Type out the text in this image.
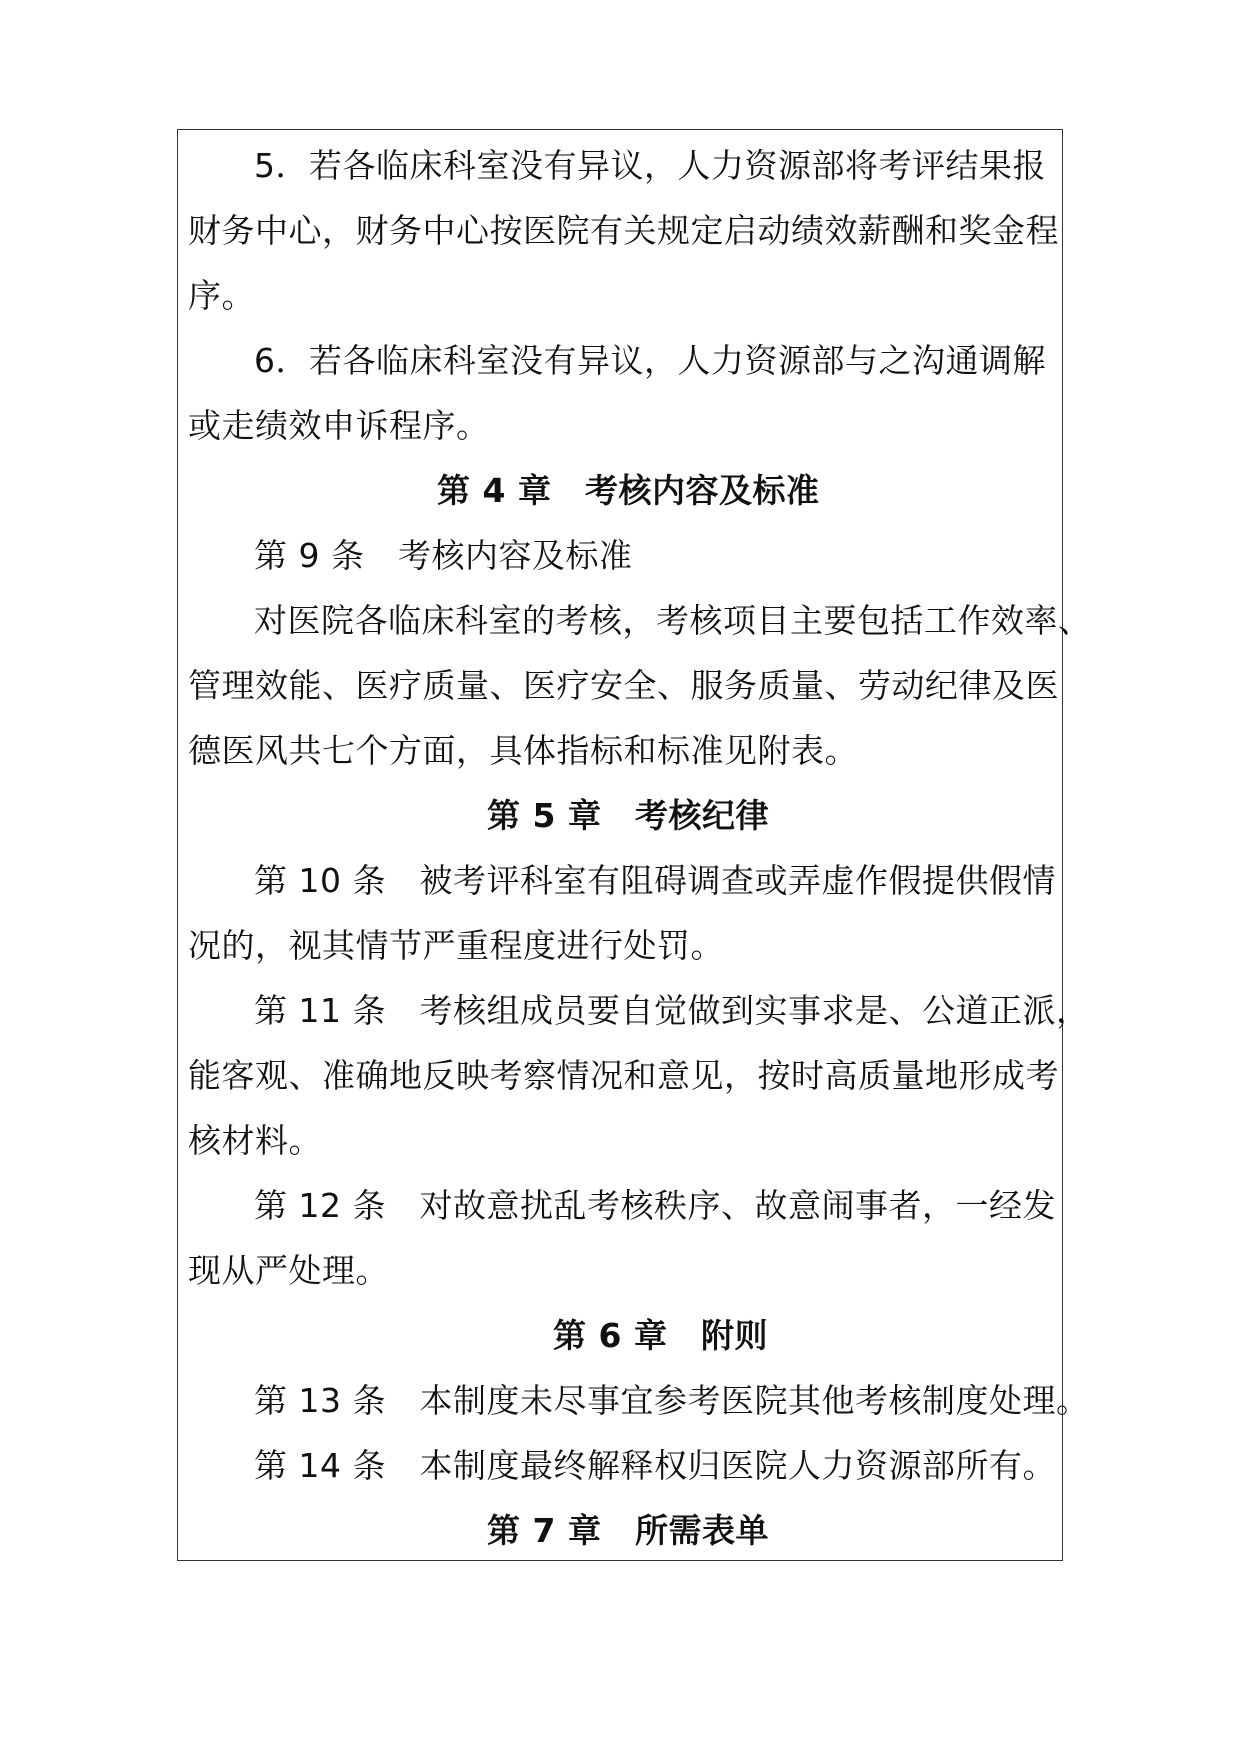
5．若各临床科室没有异议，人力资源部将考评结果报
财务中心，财务中心按医院有关规定启动绩效薪酬和奖金程
序。
6．若各临床科室没有异议，人力资源部与之沟通调解
或走绩效申诉程序。
第 4 章　考核内容及标准
第 9 条　考核内容及标准
对医院各临床科室的考核，考核项目主要包括工作效率、
管理效能、医疗质量、医疗安全、服务质量、劳动纪律及医
德医风共七个方面，具体指标和标准见附表。
第 5 章　考核纪律
第 10 条　被考评科室有阻碍调查或弄虚作假提供假情
况的，视其情节严重程度进行处罚。
第 11 条　考核组成员要自觉做到实事求是、公道正派，
能客观、准确地反映考察情况和意见，按时高质量地形成考
核材料。
第 12 条　对故意扰乱考核秩序、故意闹事者，一经发
现从严处理。
第 6 章　附则
第 13 条　本制度未尽事宜参考医院其他考核制度处理。
第 14 条　本制度最终解释权归医院人力资源部所有。
第 7 章　所需表单
